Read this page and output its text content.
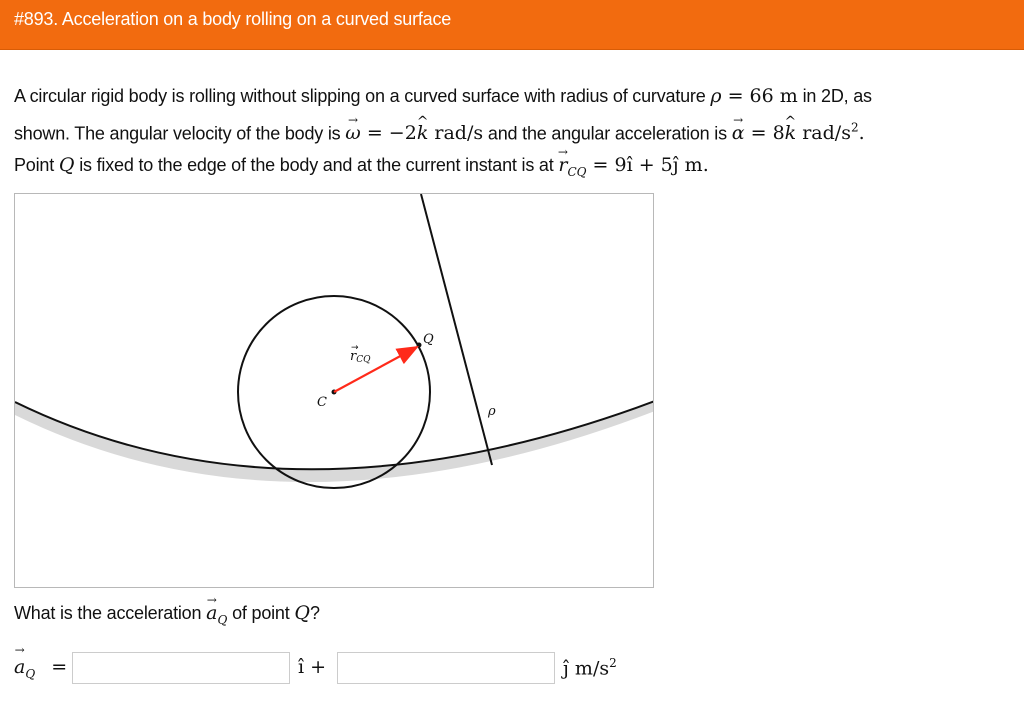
#893. Acceleration on a body rolling on a curved surface
A circular rigid body is rolling without slipping on a curved surface with radius of curvature ρ = 66 m in 2D, as
shown. The angular velocity of the body is → ω = −2^ k rad/s and the angular acceleration is → α = 8^ k rad/$s^2$.
Point Q is fixed to the edge of the body and at the current instant is at → $r_{CQ}$ = 9ı̂ + 5ȷ̂ m.
rCQ
→
Q
C
ρ
What is the acceleration → $a_Q$ of point Q?
→ $a_Q$ =	ı̂ +	ȷ̂ $m/s^2$
